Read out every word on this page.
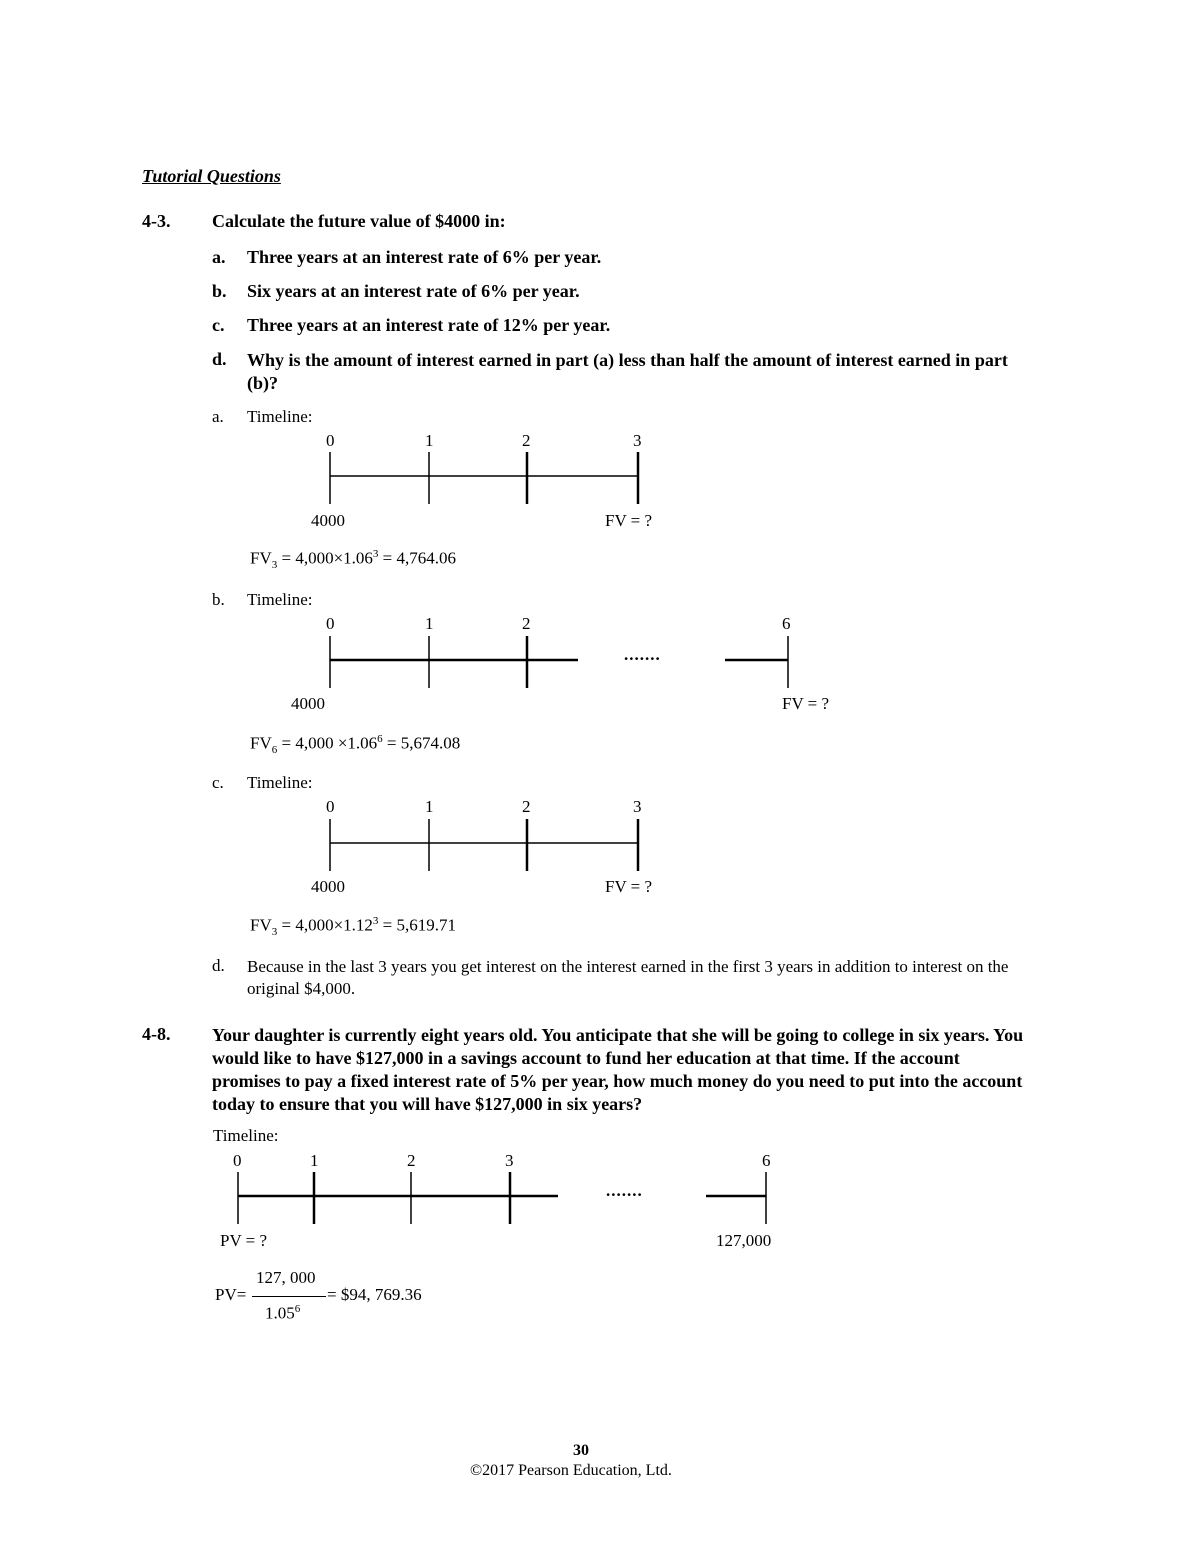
Tutorial Questions
4-3. Calculate the future value of $4000 in:
a. Three years at an interest rate of 6% per year.
b. Six years at an interest rate of 6% per year.
c. Three years at an interest rate of 12% per year.
d. Why is the amount of interest earned in part (a) less than half the amount of interest earned in part (b)?
a. Timeline:
0	1	2	3
4000	FV = ?
$FV_3 = 4,000\times 1.06^3 = 4,764.06$
b. Timeline:
0	1	2	6
.......
4000	FV = ?
$FV_6 = 4,000 \times 1.06^6 = 5,674.08$
c. Timeline:
0	1	2	3
4000	FV = ?
$FV_3 = 4,000\times 1.12^3 = 5,619.71$
d. Because in the last 3 years you get interest on the interest earned in the first 3 years in addition to interest on the original $4,000.
4-8. Your daughter is currently eight years old. You anticipate that she will be going to college in six years. You would like to have $127,000 in a savings account to fund her education at that time. If the account promises to pay a fixed interest rate of 5% per year, how much money do you need to put into the account today to ensure that you will have $127,000 in six years?
Timeline:
0	1	2	3	6
.......
PV = ?	127,000
PV=
127, 000
$1.05^6$
= $94, 769.36
30
©2017 Pearson Education, Ltd.
